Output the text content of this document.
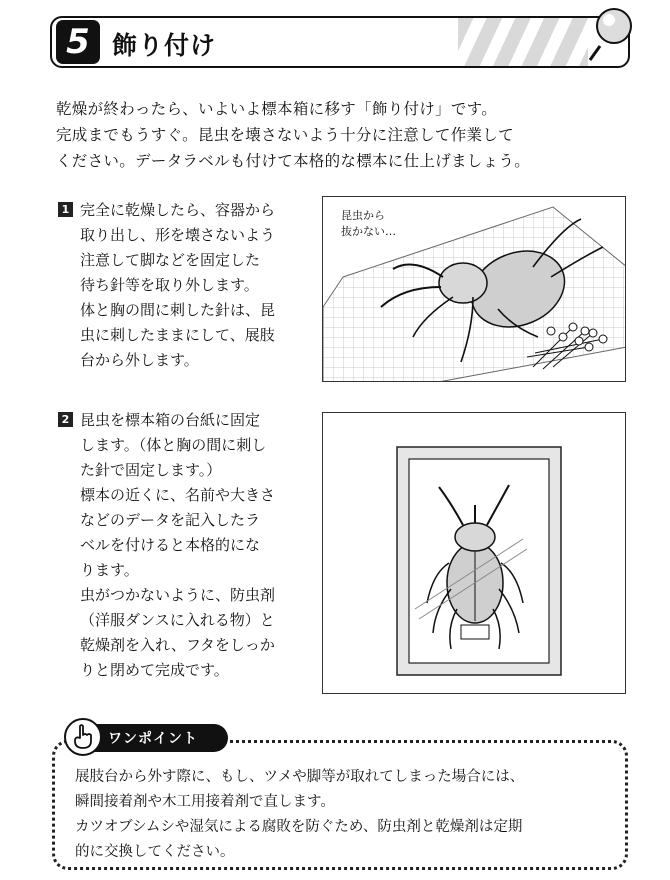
5 飾り付け

乾燥が終わったら、いよいよ標本箱に移す「飾り付け」です。

完成までもうすぐ。昆虫を壊さないよう十分に注意して作業して

ください。データラベルも付けて本格的な標本に仕上げましょう。

1 完全に乾燥したら、容器から
取り出し、形を壊さないよう
注意して脚などを固定した
待ち針等を取り外します。
体と胸の間に刺した針は、昆
虫に刺したままにして、展肢
台から外します。
昆虫から
抜かない…
2 昆虫を標本箱の台紙に固定
します。（体と胸の間に刺し
た針で固定します。）
標本の近くに、名前や大きさ
などのデータを記入したラ
ベルを付けると本格的にな
ります。
虫がつかないように、防虫剤
（洋服ダンスに入れる物）と
乾燥剤を入れ、フタをしっか
りと閉めて完成です。
展肢台から外す際に、もし、ツメや脚等が取れてしまった場合には、
瞬間接着剤や木工用接着剤で直します。
カツオブシムシや湿気による腐敗を防ぐため、防虫剤と乾燥剤は定期
的に交換してください。
ワンポイント
